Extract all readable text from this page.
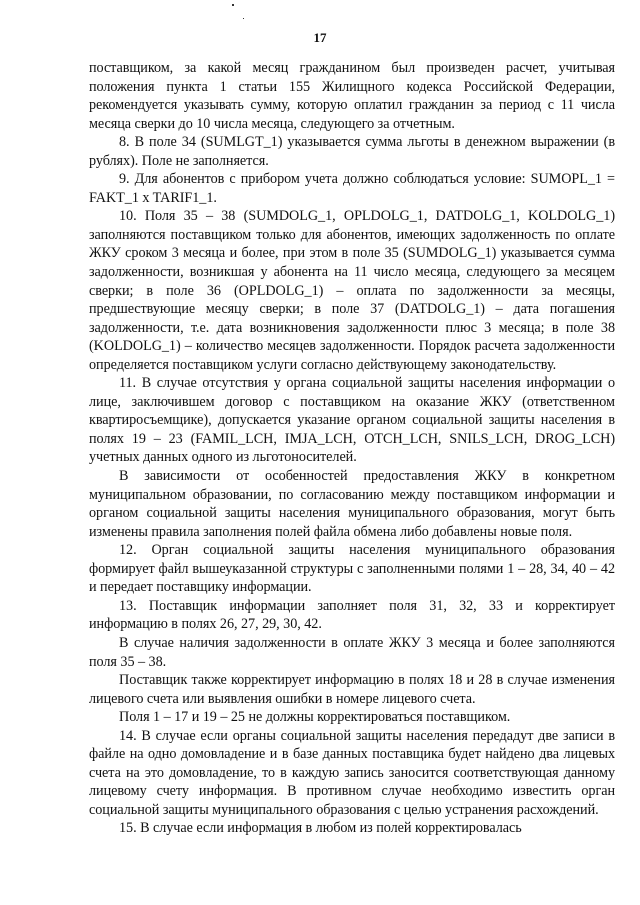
17

поставщиком, за какой месяц гражданином был произведен расчет, учитывая положения пункта 1 статьи 155 Жилищного кодекса Российской Федерации, рекомендуется указывать сумму, которую оплатил гражданин за период с 11 числа месяца сверки до 10 числа месяца, следующего за отчетным.

8. В поле 34 (SUMLGT_1) указывается сумма льготы в денежном выражении (в рублях). Поле не заполняется.

9. Для абонентов с прибором учета должно соблюдаться условие: SUMOPL_1 = FAKT_1 x TARIF1_1.

10. Поля 35 – 38 (SUMDOLG_1, OPLDOLG_1, DATDOLG_1, KOLDOLG_1) заполняются поставщиком только для абонентов, имеющих задолженность по оплате ЖКУ сроком 3 месяца и более, при этом в поле 35 (SUMDOLG_1) указывается сумма задолженности, возникшая у абонента на 11 число месяца, следующего за месяцем сверки; в поле 36 (OPLDOLG_1) – оплата по задолженности за месяцы, предшествующие месяцу сверки; в поле 37 (DATDOLG_1) – дата погашения задолженности, т.е. дата возникновения задолженности плюс 3 месяца; в поле 38 (KOLDOLG_1) – количество месяцев задолженности. Порядок расчета задолженности определяется поставщиком услуги согласно действующему законодательству.

11. В случае отсутствия у органа социальной защиты населения информации о лице, заключившем договор с поставщиком на оказание ЖКУ (ответственном квартиросъемщике), допускается указание органом социальной защиты населения в полях 19 – 23 (FAMIL_LCH, IMJA_LCH, OTCH_LCH, SNILS_LCH, DROG_LCH) учетных данных одного из льготоносителей.

В зависимости от особенностей предоставления ЖКУ в конкретном муниципальном образовании, по согласованию между поставщиком информации и органом социальной защиты населения муниципального образования, могут быть изменены правила заполнения полей файла обмена либо добавлены новые поля.

12. Орган социальной защиты населения муниципального образования формирует файл вышеуказанной структуры с заполненными полями 1 – 28, 34, 40 – 42 и передает поставщику информации.

13. Поставщик информации заполняет поля 31, 32, 33 и корректирует информацию в полях 26, 27, 29, 30, 42.

В случае наличия задолженности в оплате ЖКУ 3 месяца и более заполняются поля 35 – 38.

Поставщик также корректирует информацию в полях 18 и 28 в случае изменения лицевого счета или выявления ошибки в номере лицевого счета.

Поля 1 – 17 и 19 – 25 не должны корректироваться поставщиком.

14. В случае если органы социальной защиты населения передадут две записи в файле на одно домовладение и в базе данных поставщика будет найдено два лицевых счета на это домовладение, то в каждую запись заносится соответствующая данному лицевому счету информация. В противном случае необходимо известить орган социальной защиты муниципального образования с целью устранения расхождений.

15. В случае если информация в любом из полей корректировалась
